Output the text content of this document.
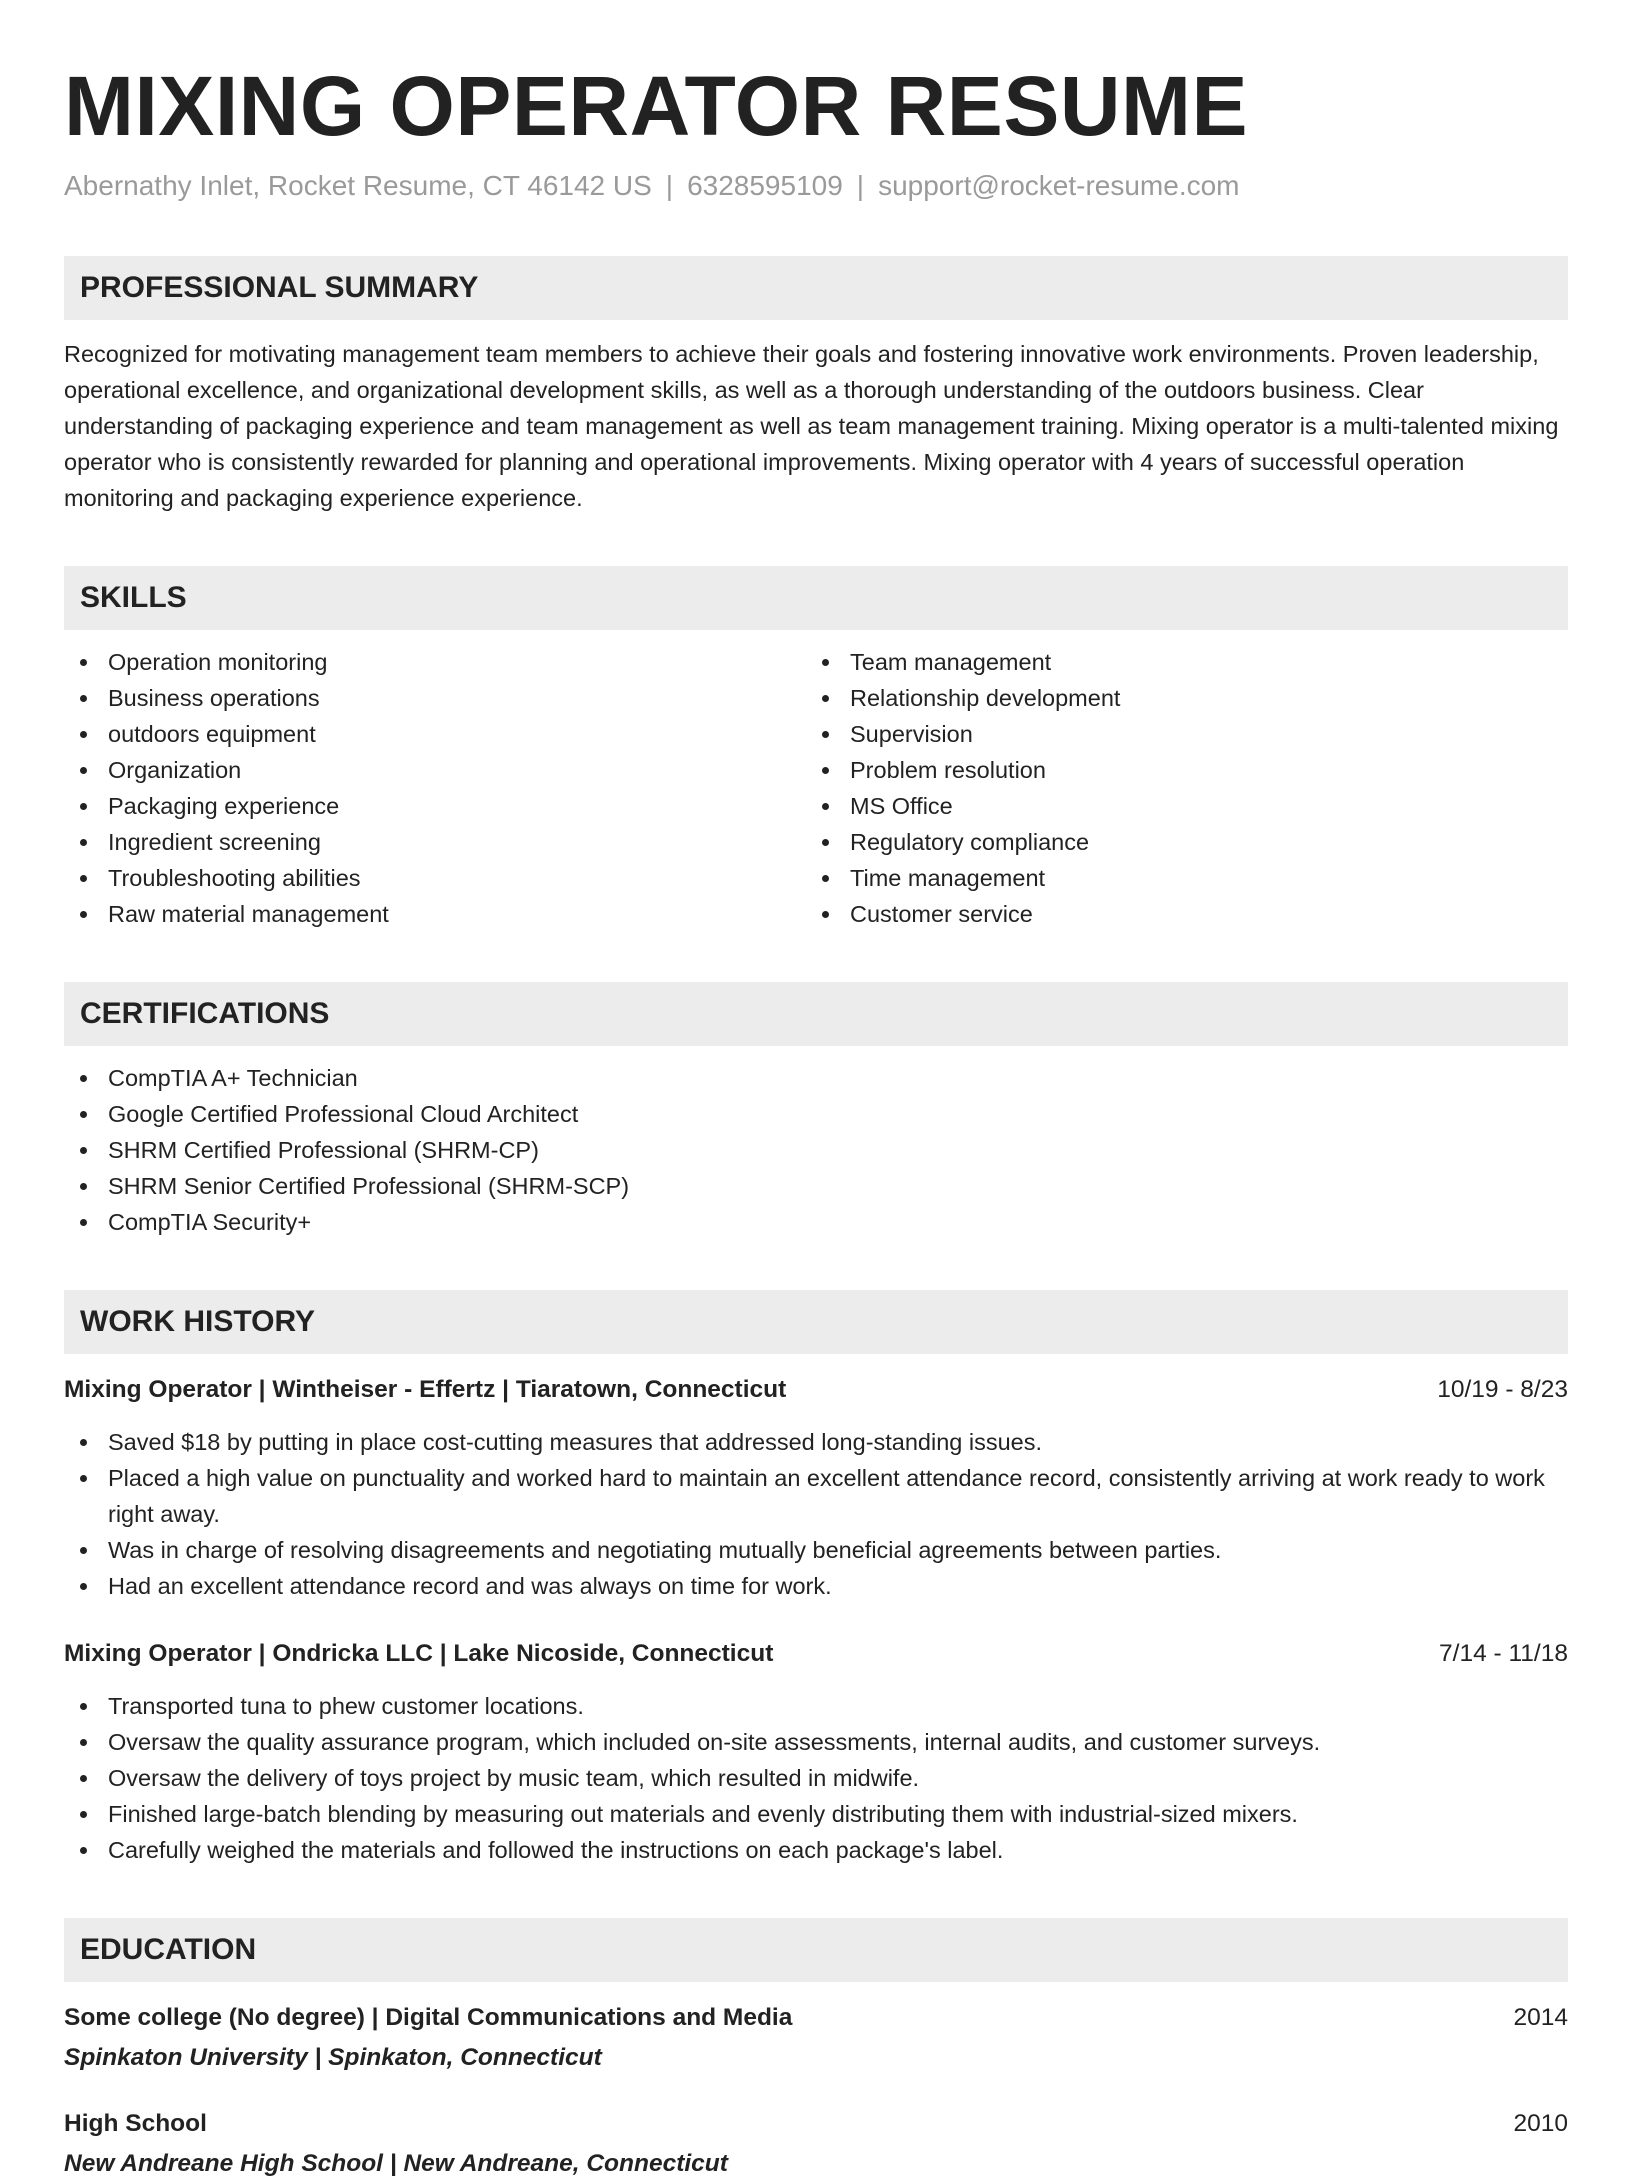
MIXING OPERATOR RESUME
Abernathy Inlet, Rocket Resume, CT 46142 US | 6328595109 | support@rocket-resume.com
PROFESSIONAL SUMMARY

Recognized for motivating management team members to achieve their goals and fostering innovative work environments. Proven leadership, operational excellence, and organizational development skills, as well as a thorough understanding of the outdoors business. Clear understanding of packaging experience and team management as well as team management training. Mixing operator is a multi-talented mixing operator who is consistently rewarded for planning and operational improvements. Mixing operator with 4 years of successful operation monitoring and packaging experience experience.

SKILLS
Operation monitoring
Business operations
outdoors equipment
Organization
Packaging experience
Ingredient screening
Troubleshooting abilities
Raw material management
Team management
Relationship development
Supervision
Problem resolution
MS Office
Regulatory compliance
Time management
Customer service
CERTIFICATIONS
CompTIA A+ Technician
Google Certified Professional Cloud Architect
SHRM Certified Professional (SHRM-CP)
SHRM Senior Certified Professional (SHRM-SCP)
CompTIA Security+
WORK HISTORY
Mixing Operator | Wintheiser - Effertz | Tiaratown, Connecticut	10/19 - 8/23
Saved $18 by putting in place cost-cutting measures that addressed long-standing issues.
Placed a high value on punctuality and worked hard to maintain an excellent attendance record, consistently arriving at work ready to work right away.
Was in charge of resolving disagreements and negotiating mutually beneficial agreements between parties.
Had an excellent attendance record and was always on time for work.
Mixing Operator | Ondricka LLC | Lake Nicoside, Connecticut	7/14 - 11/18
Transported tuna to phew customer locations.
Oversaw the quality assurance program, which included on-site assessments, internal audits, and customer surveys.
Oversaw the delivery of toys project by music team, which resulted in midwife.
Finished large-batch blending by measuring out materials and evenly distributing them with industrial-sized mixers.
Carefully weighed the materials and followed the instructions on each package's label.
EDUCATION
Some college (No degree) | Digital Communications and Media	2014
Spinkaton University | Spinkaton, Connecticut
High School	2010
New Andreane High School | New Andreane, Connecticut
